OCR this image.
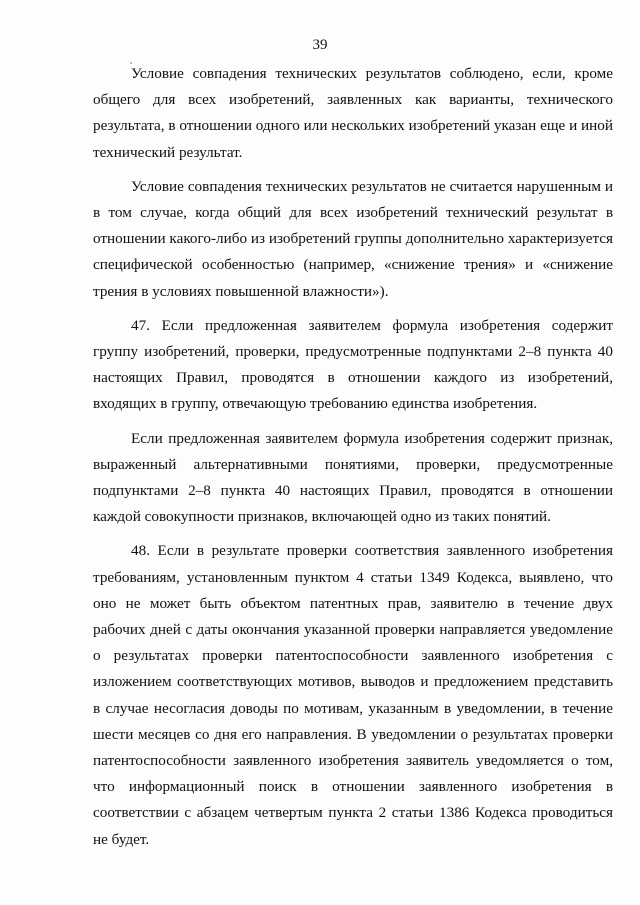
39

Условие совпадения технических результатов соблюдено, если, кроме общего для всех изобретений, заявленных как варианты, технического результата, в отношении одного или нескольких изобретений указан еще и иной технический результат.

Условие совпадения технических результатов не считается нарушенным и в том случае, когда общий для всех изобретений технический результат в отношении какого-либо из изобретений группы дополнительно характеризуется специфической особенностью (например, «снижение трения» и «снижение трения в условиях повышенной влажности»).

47. Если предложенная заявителем формула изобретения содержит группу изобретений, проверки, предусмотренные подпунктами 2–8 пункта 40 настоящих Правил, проводятся в отношении каждого из изобретений, входящих в группу, отвечающую требованию единства изобретения.

Если предложенная заявителем формула изобретения содержит признак, выраженный альтернативными понятиями, проверки, предусмотренные подпунктами 2–8 пункта 40 настоящих Правил, проводятся в отношении каждой совокупности признаков, включающей одно из таких понятий.

48. Если в результате проверки соответствия заявленного изобретения требованиям, установленным пунктом 4 статьи 1349 Кодекса, выявлено, что оно не может быть объектом патентных прав, заявителю в течение двух рабочих дней с даты окончания указанной проверки направляется уведомление о результатах проверки патентоспособности заявленного изобретения с изложением соответствующих мотивов, выводов и предложением представить в случае несогласия доводы по мотивам, указанным в уведомлении, в течение шести месяцев со дня его направления. В уведомлении о результатах проверки патентоспособности заявленного изобретения заявитель уведомляется о том, что информационный поиск в отношении заявленного изобретения в соответствии с абзацем четвертым пункта 2 статьи 1386 Кодекса проводиться не будет.
